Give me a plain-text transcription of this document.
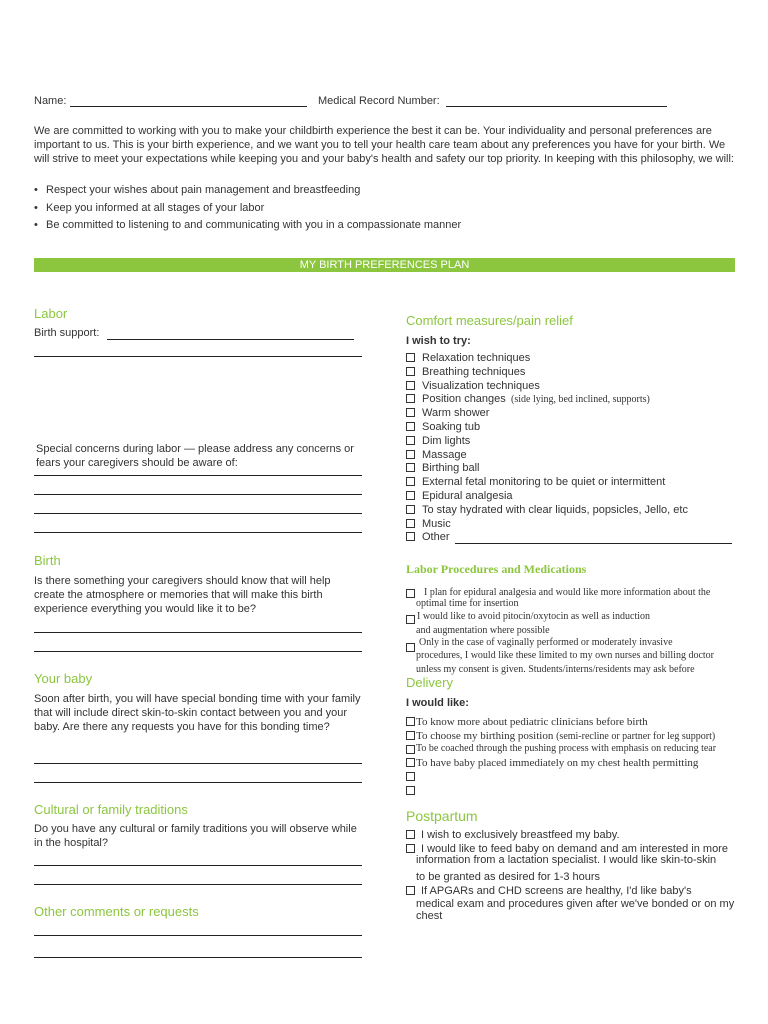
Name:	Medical Record Number:
We are committed to working with you to make your childbirth experience the best it can be. Your individuality and personal preferences are important to us. This is your birth experience, and we want you to tell your health care team about any preferences you have for your birth. We will strive to meet your expectations while keeping you and your baby's health and safety our top priority. In keeping with this philosophy, we will:
• Respect your wishes about pain management and breastfeeding
• Keep you informed at all stages of your labor
• Be committed to listening to and communicating with you in a compassionate manner
MY BIRTH PREFERENCES PLAN
Labor
Birth support:
Special concerns during labor — please address any concerns or fears your caregivers should be aware of:
Birth
Is there something your caregivers should know that will help create the atmosphere or memories that will make this birth experience everything you would like it to be?
Your baby
Soon after birth, you will have special bonding time with your family that will include direct skin-to-skin contact between you and your baby. Are there any requests you have for this bonding time?
Cultural or family traditions
Do you have any cultural or family traditions you will observe while in the hospital?
Other comments or requests
Comfort measures/pain relief
I wish to try:
Relaxation techniques
Breathing techniques
Visualization techniques
Position changes (side lying, bed inclined, supports)
Warm shower
Soaking tub
Dim lights
Massage
Birthing ball
External fetal monitoring to be quiet or intermittent
Epidural analgesia
To stay hydrated with clear liquids, popsicles, Jello, etc
Music
Other
Labor Procedures and Medications
I plan for epidural analgesia and would like more information about the
optimal time for insertion
I would like to avoid pitocin/oxytocin as well as induction
and augmentation where possible
Only in the case of vaginally performed or moderately invasive
procedures, I would like these limited to my own nurses and billing doctor
unless my consent is given. Students/interns/residents may ask before
Delivery
I would like:
To know more about pediatric clinicians before birth
To choose my birthing position (semi-recline or partner for leg support)
To be coached through the pushing process with emphasis on reducing tear
To have baby placed immediately on my chest health permitting
Postpartum
I wish to exclusively breastfeed my baby.
I would like to feed baby on demand and am interested in more
information from a lactation specialist. I would like skin-to-skin
to be granted as desired for 1-3 hours
If APGARs and CHD screens are healthy, I'd like baby's
medical exam and procedures given after we've bonded or on my
chest
